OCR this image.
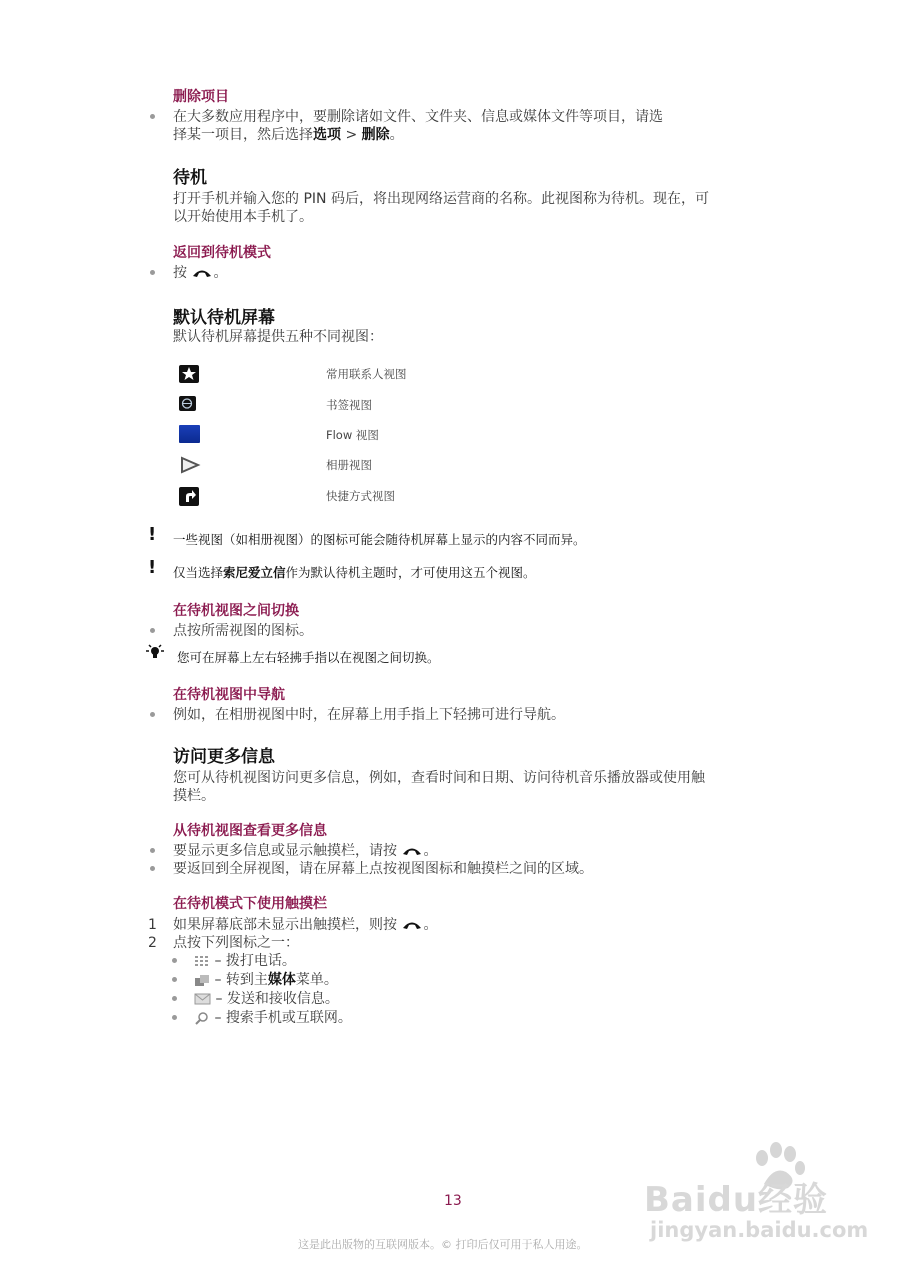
删除项目
在大多数应用程序中，要删除诸如文件、文件夹、信息或媒体文件等项目，请选
择某一项目，然后选择选项 > 删除。
待机
打开手机并输入您的 PIN 码后，将出现网络运营商的名称。此视图称为待机。现在，可
以开始使用本手机了。
返回到待机模式
按 。
默认待机屏幕
默认待机屏幕提供五种不同视图：
常用联系人视图
书签视图
Flow 视图
相册视图
快捷方式视图
! 一些视图（如相册视图）的图标可能会随待机屏幕上显示的内容不同而异。
! 仅当选择索尼爱立信作为默认待机主题时，才可使用这五个视图。
在待机视图之间切换
点按所需视图的图标。
您可在屏幕上左右轻拂手指以在视图之间切换。
在待机视图中导航
例如，在相册视图中时，在屏幕上用手指上下轻拂可进行导航。
访问更多信息
您可从待机视图访问更多信息，例如，查看时间和日期、访问待机音乐播放器或使用触
摸栏。
从待机视图查看更多信息
要显示更多信息或显示触摸栏，请按 。
要返回到全屏视图，请在屏幕上点按视图图标和触摸栏之间的区域。
在待机模式下使用触摸栏
1 如果屏幕底部未显示出触摸栏，则按 。
2 点按下列图标之一：
– 拨打电话。
– 转到主媒体菜单。
– 发送和接收信息。
– 搜索手机或互联网。
13
这是此出版物的互联网版本。© 打印后仅可用于私人用途。
Baidu经验
jingyan.baidu.com
